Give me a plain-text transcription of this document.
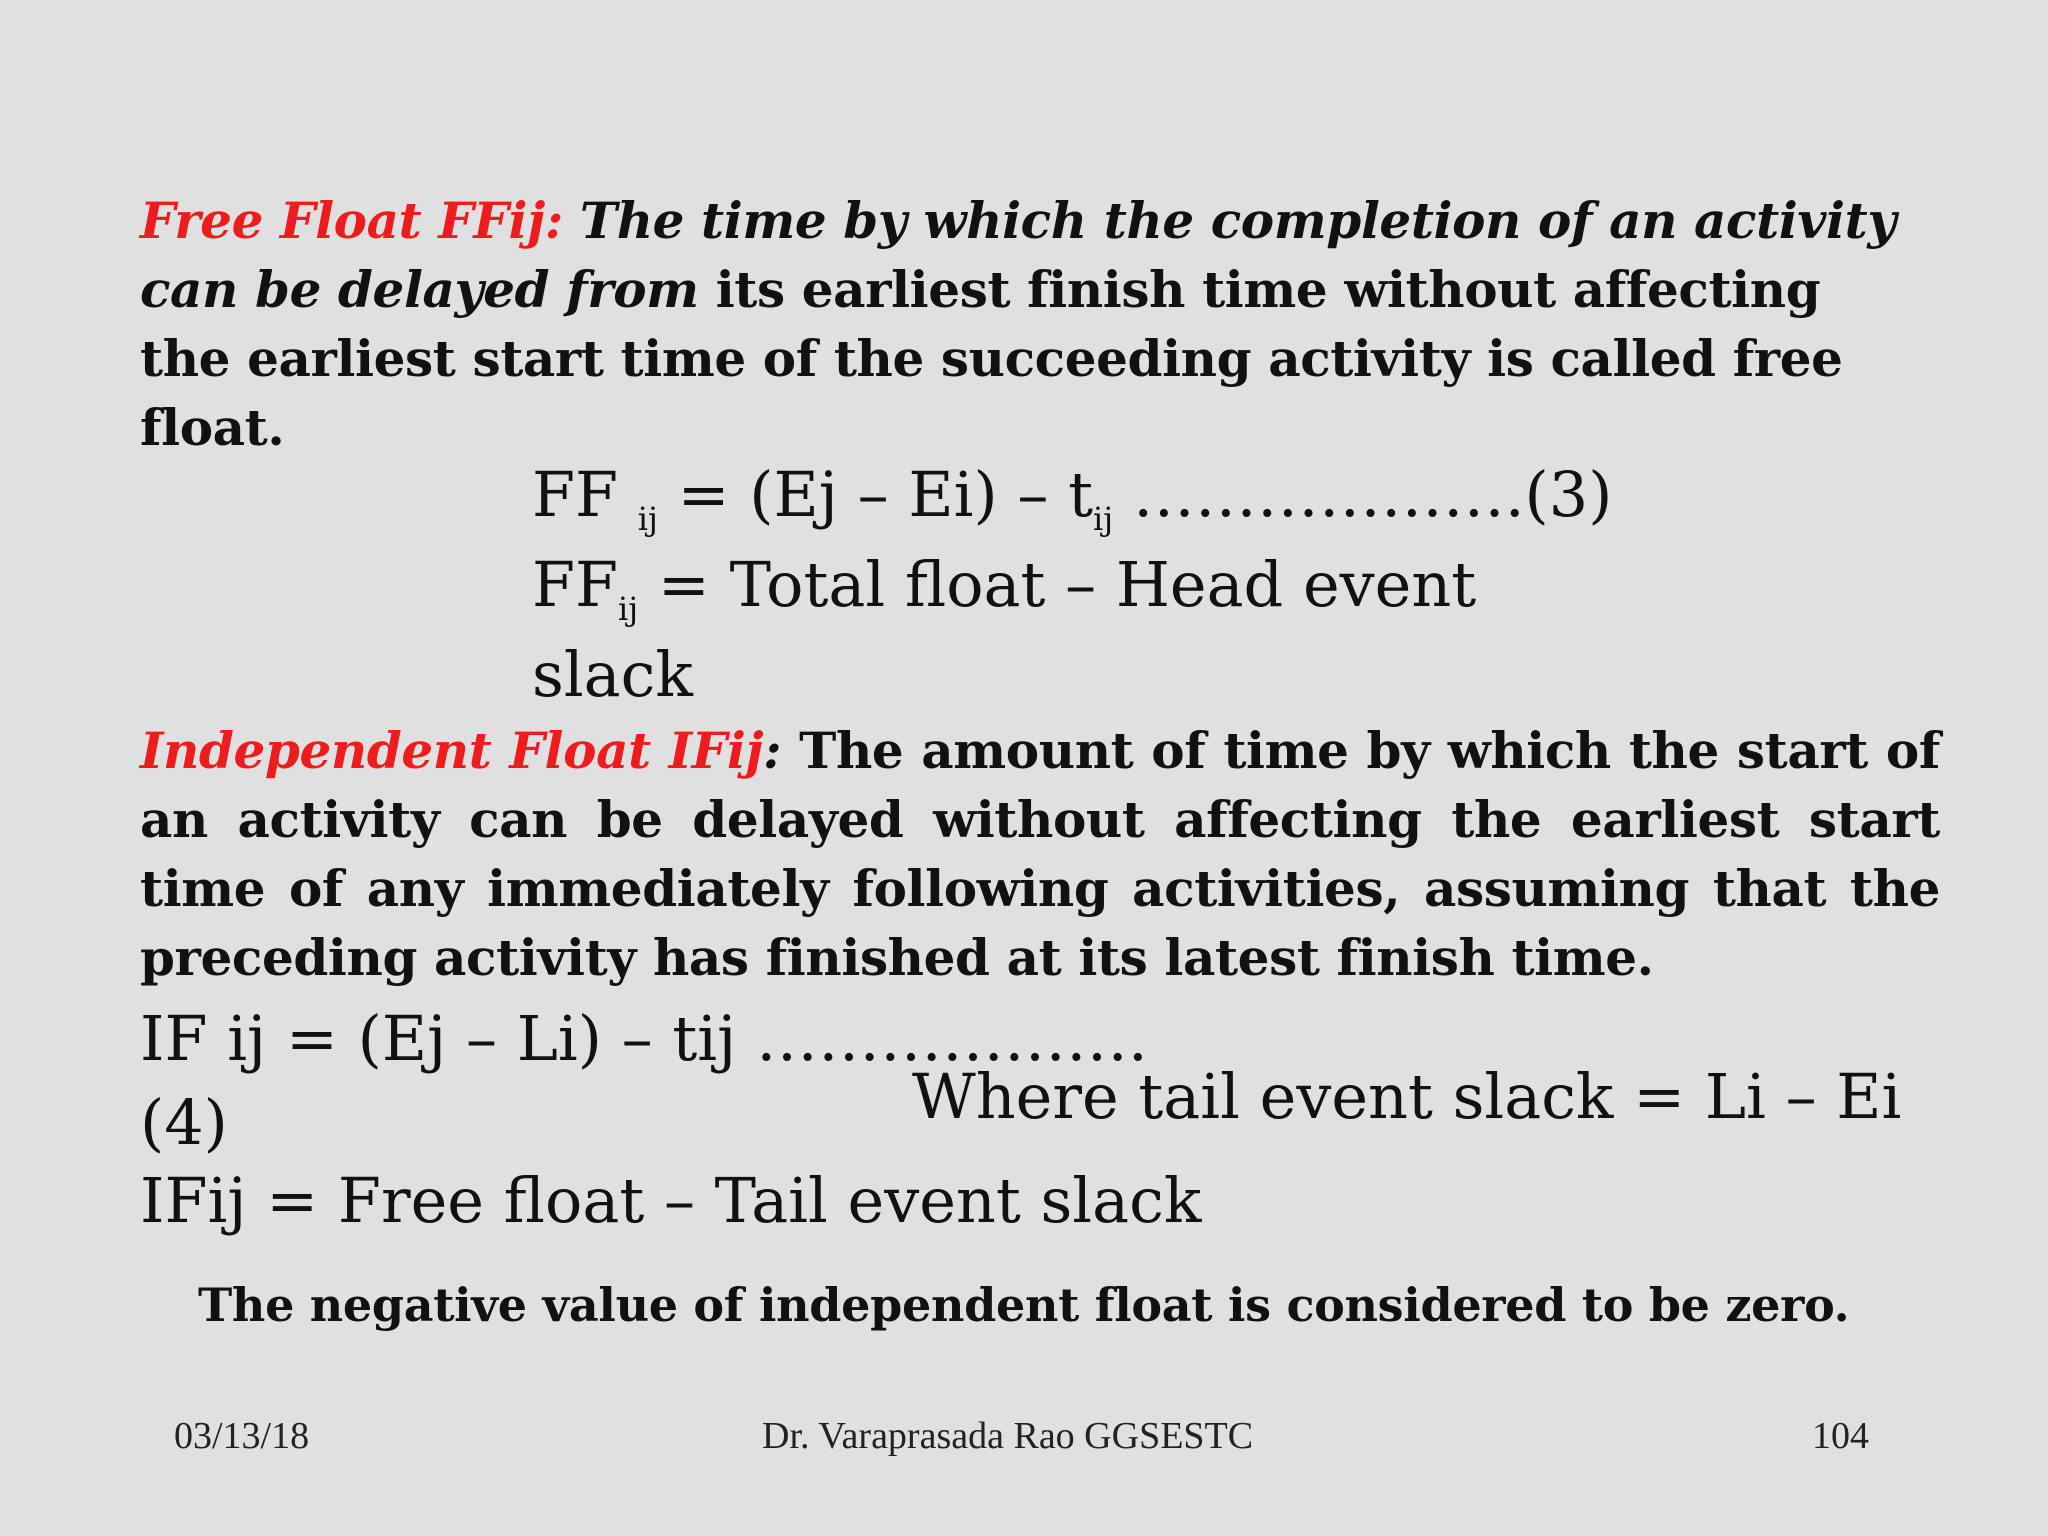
Free Float FFij: The time by which the completion of an activity can be delayed from its earliest finish time without affecting the earliest start time of the succeeding activity is called free float.
FF $_{ij} = (Ej - Ei) - t_{ij}$ ……………….(3)
$FF_{ij}$ = Total float – Head event
slack
Independent Float IFij: The amount of time by which the start of an activity can be delayed without affecting the earliest start time of any immediately following activities, assuming that the preceding activity has finished at its latest finish time.
IF ij = (Ej – Li) – tij ……………….
(4)	Where tail event slack = Li – Ei
IFij = Free float – Tail event slack
The negative value of independent float is considered to be zero.
03/13/18	Dr. Varaprasada Rao GGSESTC	104
